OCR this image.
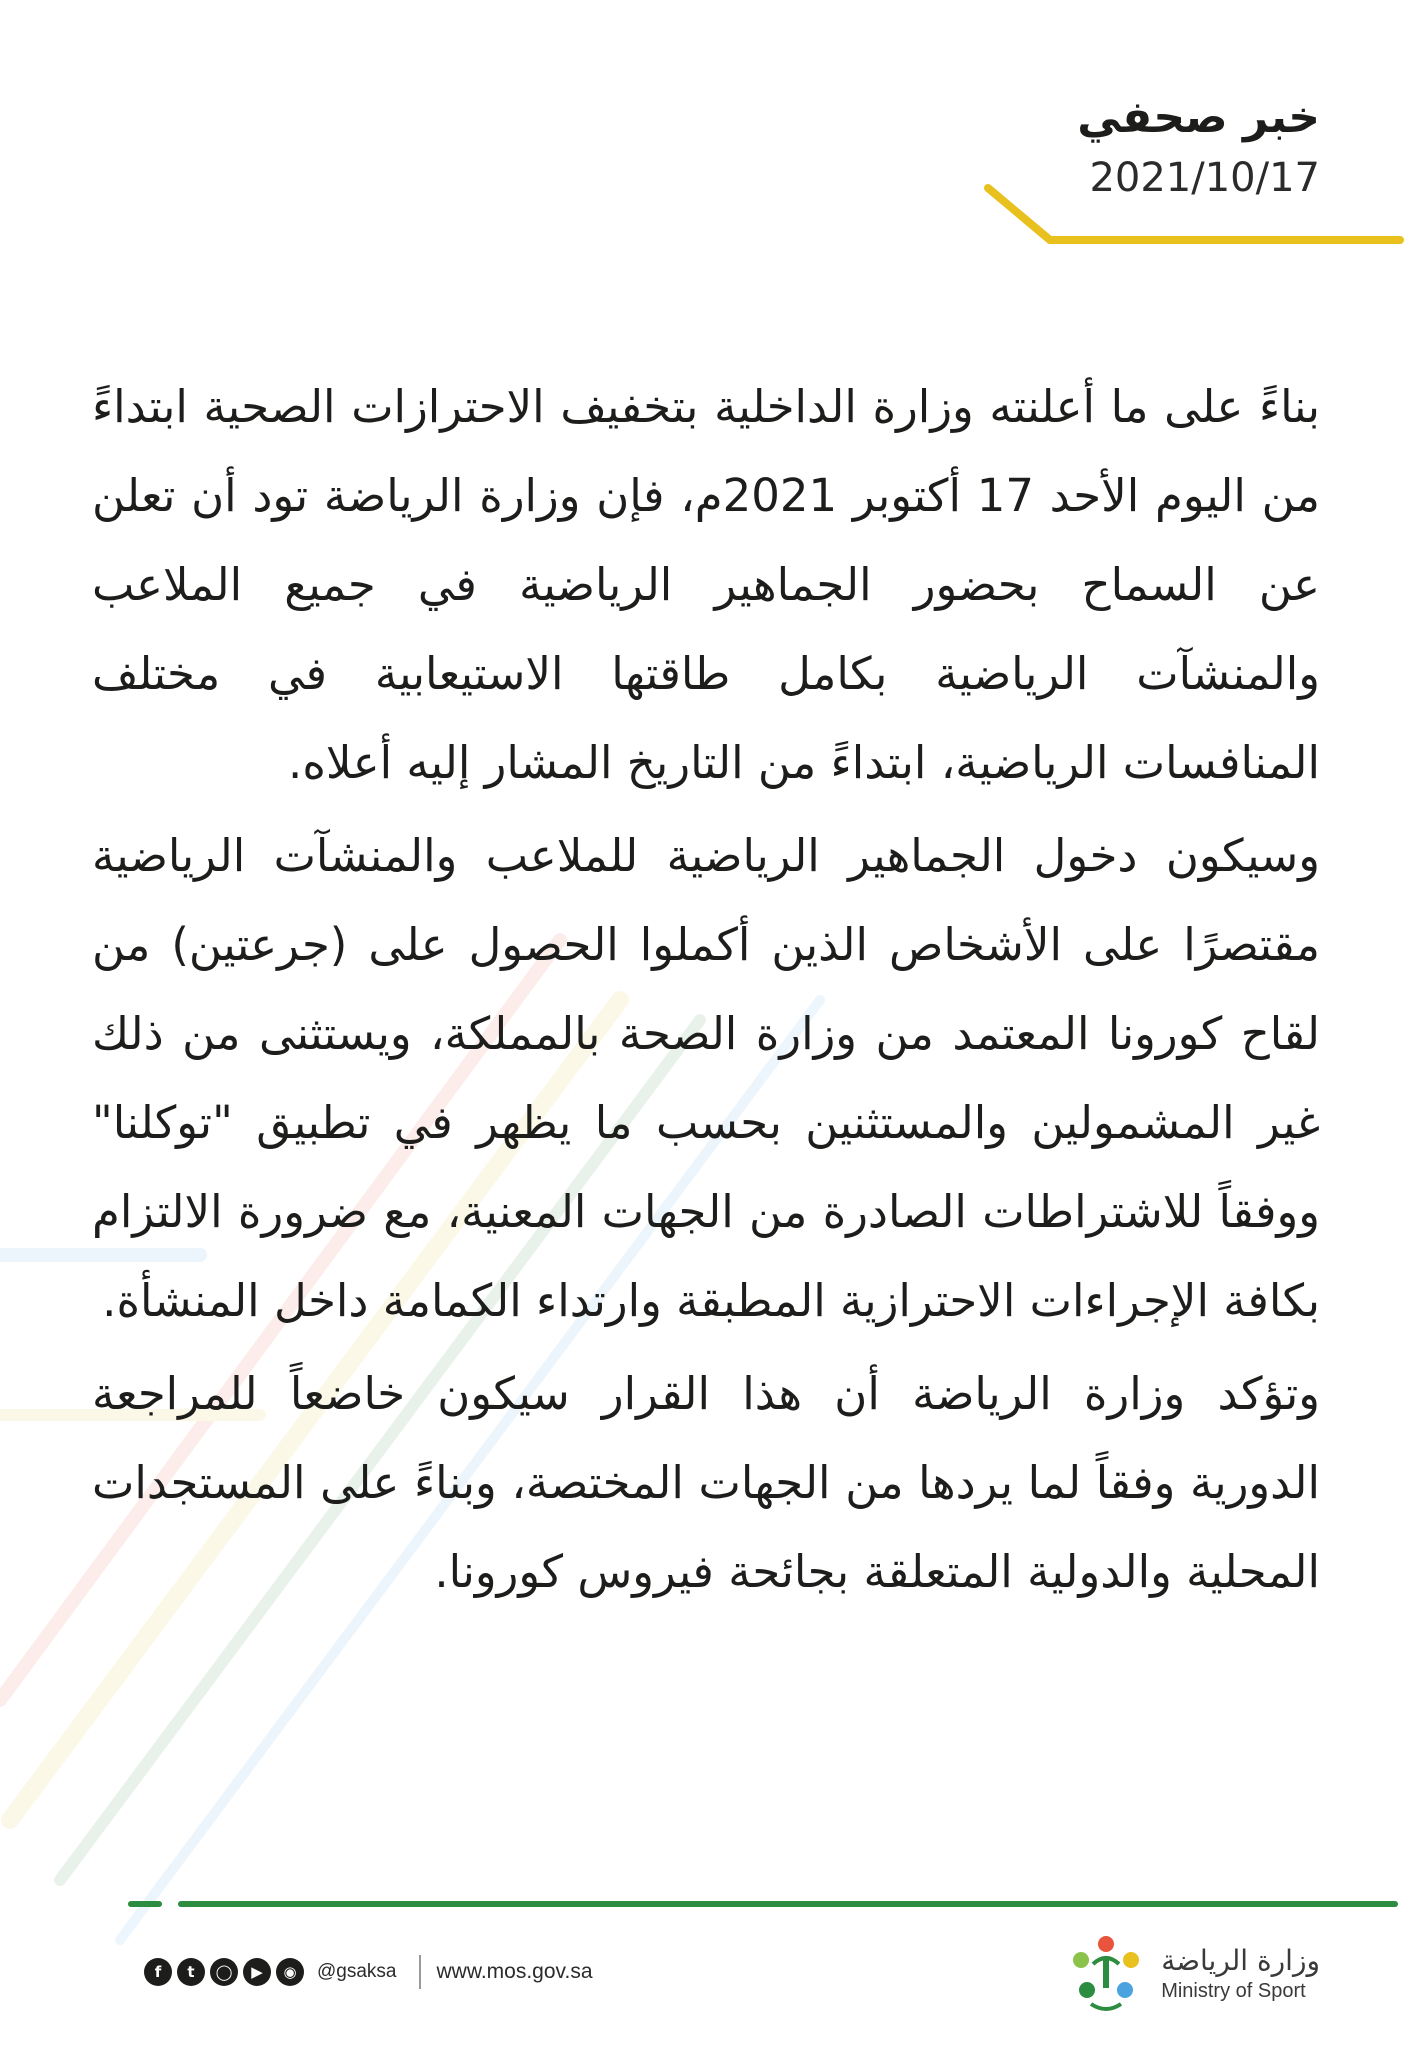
خبر صحفي
2021/10/17

بناءً على ما أعلنته وزارة الداخلية بتخفيف الاحترازات الصحية ابتداءً من اليوم الأحد 17 أكتوبر 2021م، فإن وزارة الرياضة تود أن تعلن عن السماح بحضور الجماهير الرياضية في جميع الملاعب والمنشآت الرياضية بكامل طاقتها الاستيعابية في مختلف المنافسات الرياضية، ابتداءً من التاريخ المشار إليه أعلاه.

وسيكون دخول الجماهير الرياضية للملاعب والمنشآت الرياضية مقتصرًا على الأشخاص الذين أكملوا الحصول على (جرعتين) من لقاح كورونا المعتمد من وزارة الصحة بالمملكة، ويستثنى من ذلك غير المشمولين والمستثنين بحسب ما يظهر في تطبيق "توكلنا" ووفقاً للاشتراطات الصادرة من الجهات المعنية، مع ضرورة الالتزام بكافة الإجراءات الاحترازية المطبقة وارتداء الكمامة داخل المنشأة.

وتؤكد وزارة الرياضة أن هذا القرار سيكون خاضعاً للمراجعة الدورية وفقاً لما يردها من الجهات المختصة، وبناءً على المستجدات المحلية والدولية المتعلقة بجائحة فيروس كورونا.

f	t	◯	▶	◉	@gsaksa www.mos.gov.sa	وزارة الرياضة
Ministry of Sport
